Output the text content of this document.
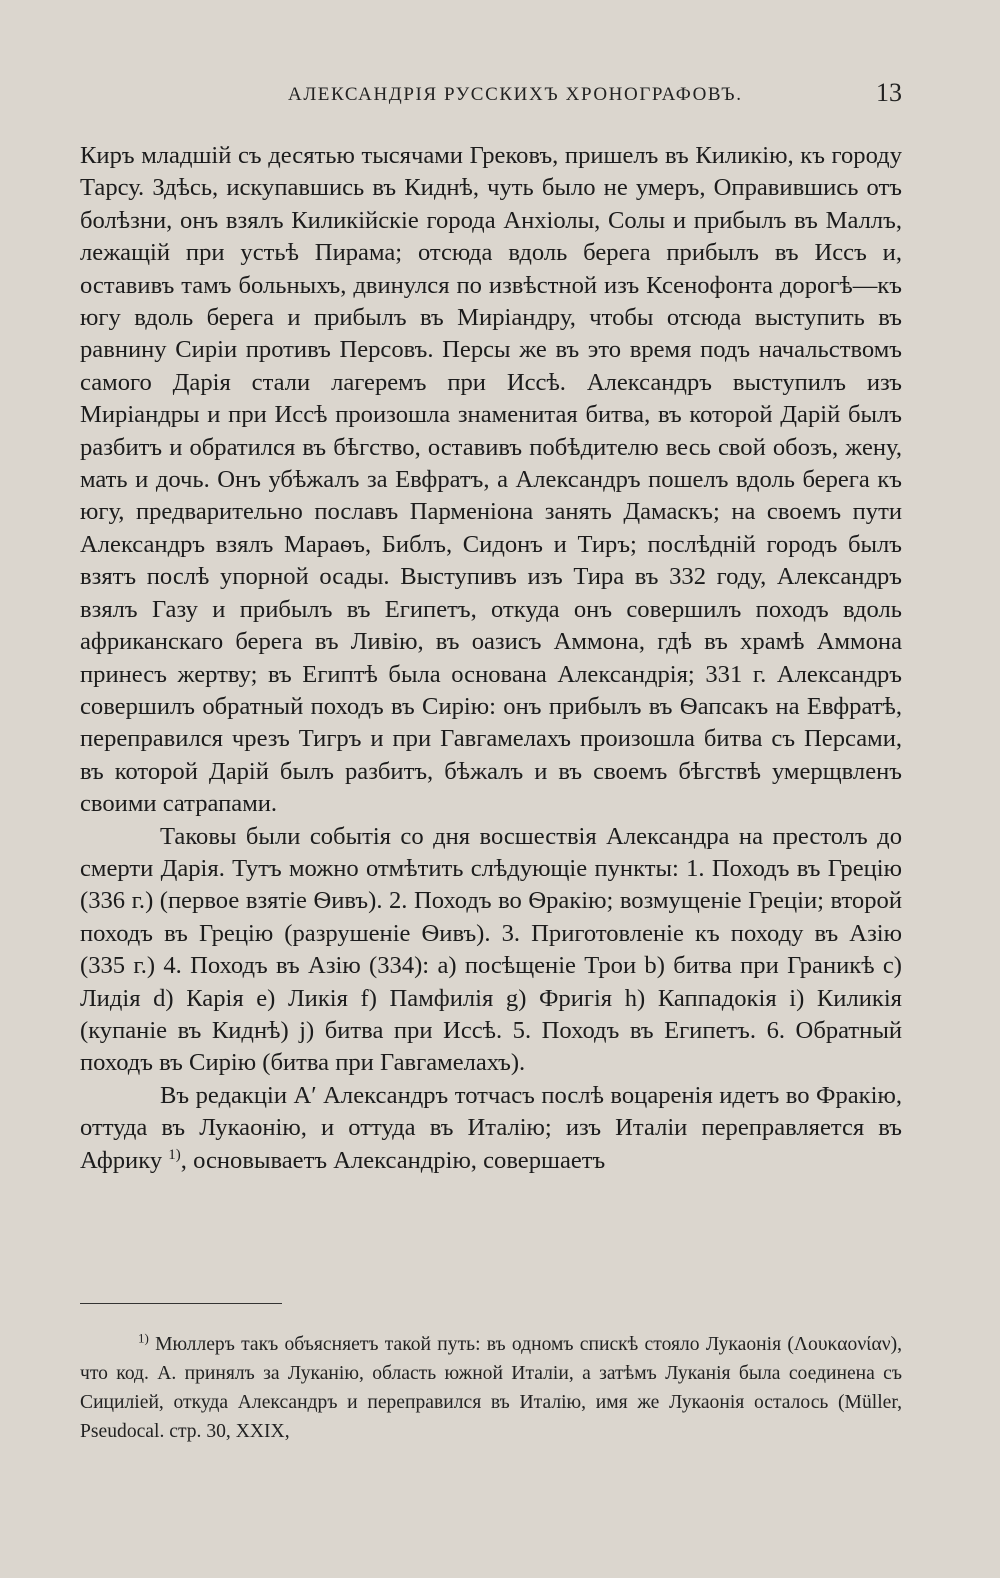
АЛЕКСАНДРІЯ РУССКИХЪ ХРОНОГРАФОВЪ.	13

Киръ младшій съ десятью тысячами Грековъ, пришелъ въ Киликію, къ городу Тарсу. Здѣсь, искупавшись въ Киднѣ, чуть было не умеръ, Оправившись отъ болѣзни, онъ взялъ Киликійскіе города Анхіолы, Солы и прибылъ въ Маллъ, лежащій при устьѣ Пирама; отсюда вдоль берега прибылъ въ Иссъ и, оставивъ тамъ больныхъ, двинулся по извѣстной изъ Ксенофонта дорогѣ—къ югу вдоль берега и прибылъ въ Миріандру, чтобы отсюда выступить въ равнину Сиріи противъ Персовъ. Персы же въ это время подъ начальствомъ самого Дарія стали лагеремъ при Иссѣ. Александръ выступилъ изъ Миріандры и при Иссѣ произошла знаменитая битва, въ которой Дарій былъ разбитъ и обратился въ бѣгство, оставивъ побѣдителю весь свой обозъ, жену, мать и дочь. Онъ убѣжалъ за Евфратъ, а Александръ пошелъ вдоль берега къ югу, предварительно пославъ Парменіона занять Дамаскъ; на своемъ пути Александръ взялъ Мараѳъ, Библъ, Сидонъ и Тиръ; послѣдній городъ былъ взятъ послѣ упорной осады. Выступивъ изъ Тира въ 332 году, Александръ взялъ Газу и прибылъ въ Египетъ, откуда онъ совершилъ походъ вдоль африканскаго берега въ Ливію, въ оазисъ Аммона, гдѣ въ храмѣ Аммона принесъ жертву; въ Египтѣ была основана Александрія; 331 г. Александръ совершилъ обратный походъ въ Сирію: онъ прибылъ въ Ѳапсакъ на Евфратѣ, переправился чрезъ Тигръ и при Гавгамелахъ произошла битва съ Персами, въ которой Дарій былъ разбитъ, бѣжалъ и въ своемъ бѣгствѣ умерщвленъ своими сатрапами.

Таковы были событія со дня восшествія Александра на престолъ до смерти Дарія. Тутъ можно отмѣтить слѣдующіе пункты: 1. Походъ въ Грецію (336 г.) (первое взятіе Ѳивъ). 2. Походъ во Ѳракію; возмущеніе Греціи; второй походъ въ Грецію (разрушеніе Ѳивъ). 3. Приготовленіе къ походу въ Азію (335 г.) 4. Походъ въ Азію (334): a) посѣщеніе Трои b) битва при Граникѣ c) Лидія d) Карія e) Ликія f) Памфилія g) Фригія h) Каппадокія i) Киликія (купаніе въ Киднѣ) j) битва при Иссѣ. 5. Походъ въ Египетъ. 6. Обратный походъ въ Сирію (битва при Гавгамелахъ).

Въ редакціи A′ Александръ тотчасъ послѣ воцаренія идетъ во Фракію, оттуда въ Лукаонію, и оттуда въ Италію; изъ Италіи переправляется въ Африку $^{1)}$, основываетъ Александрію, совершаетъ

$^{1)}$ Мюллеръ такъ объясняетъ такой путь: въ одномъ спискѣ стояло Лукаонія (Λουκαονίαν), что код. A. принялъ за Луканію, область южной Италіи, а затѣмъ Луканія была соединена съ Сициліей, откуда Александръ и переправился въ Италію, имя же Лукаонія осталось (Müller, Pseudocal. стр. 30, XXIX,
